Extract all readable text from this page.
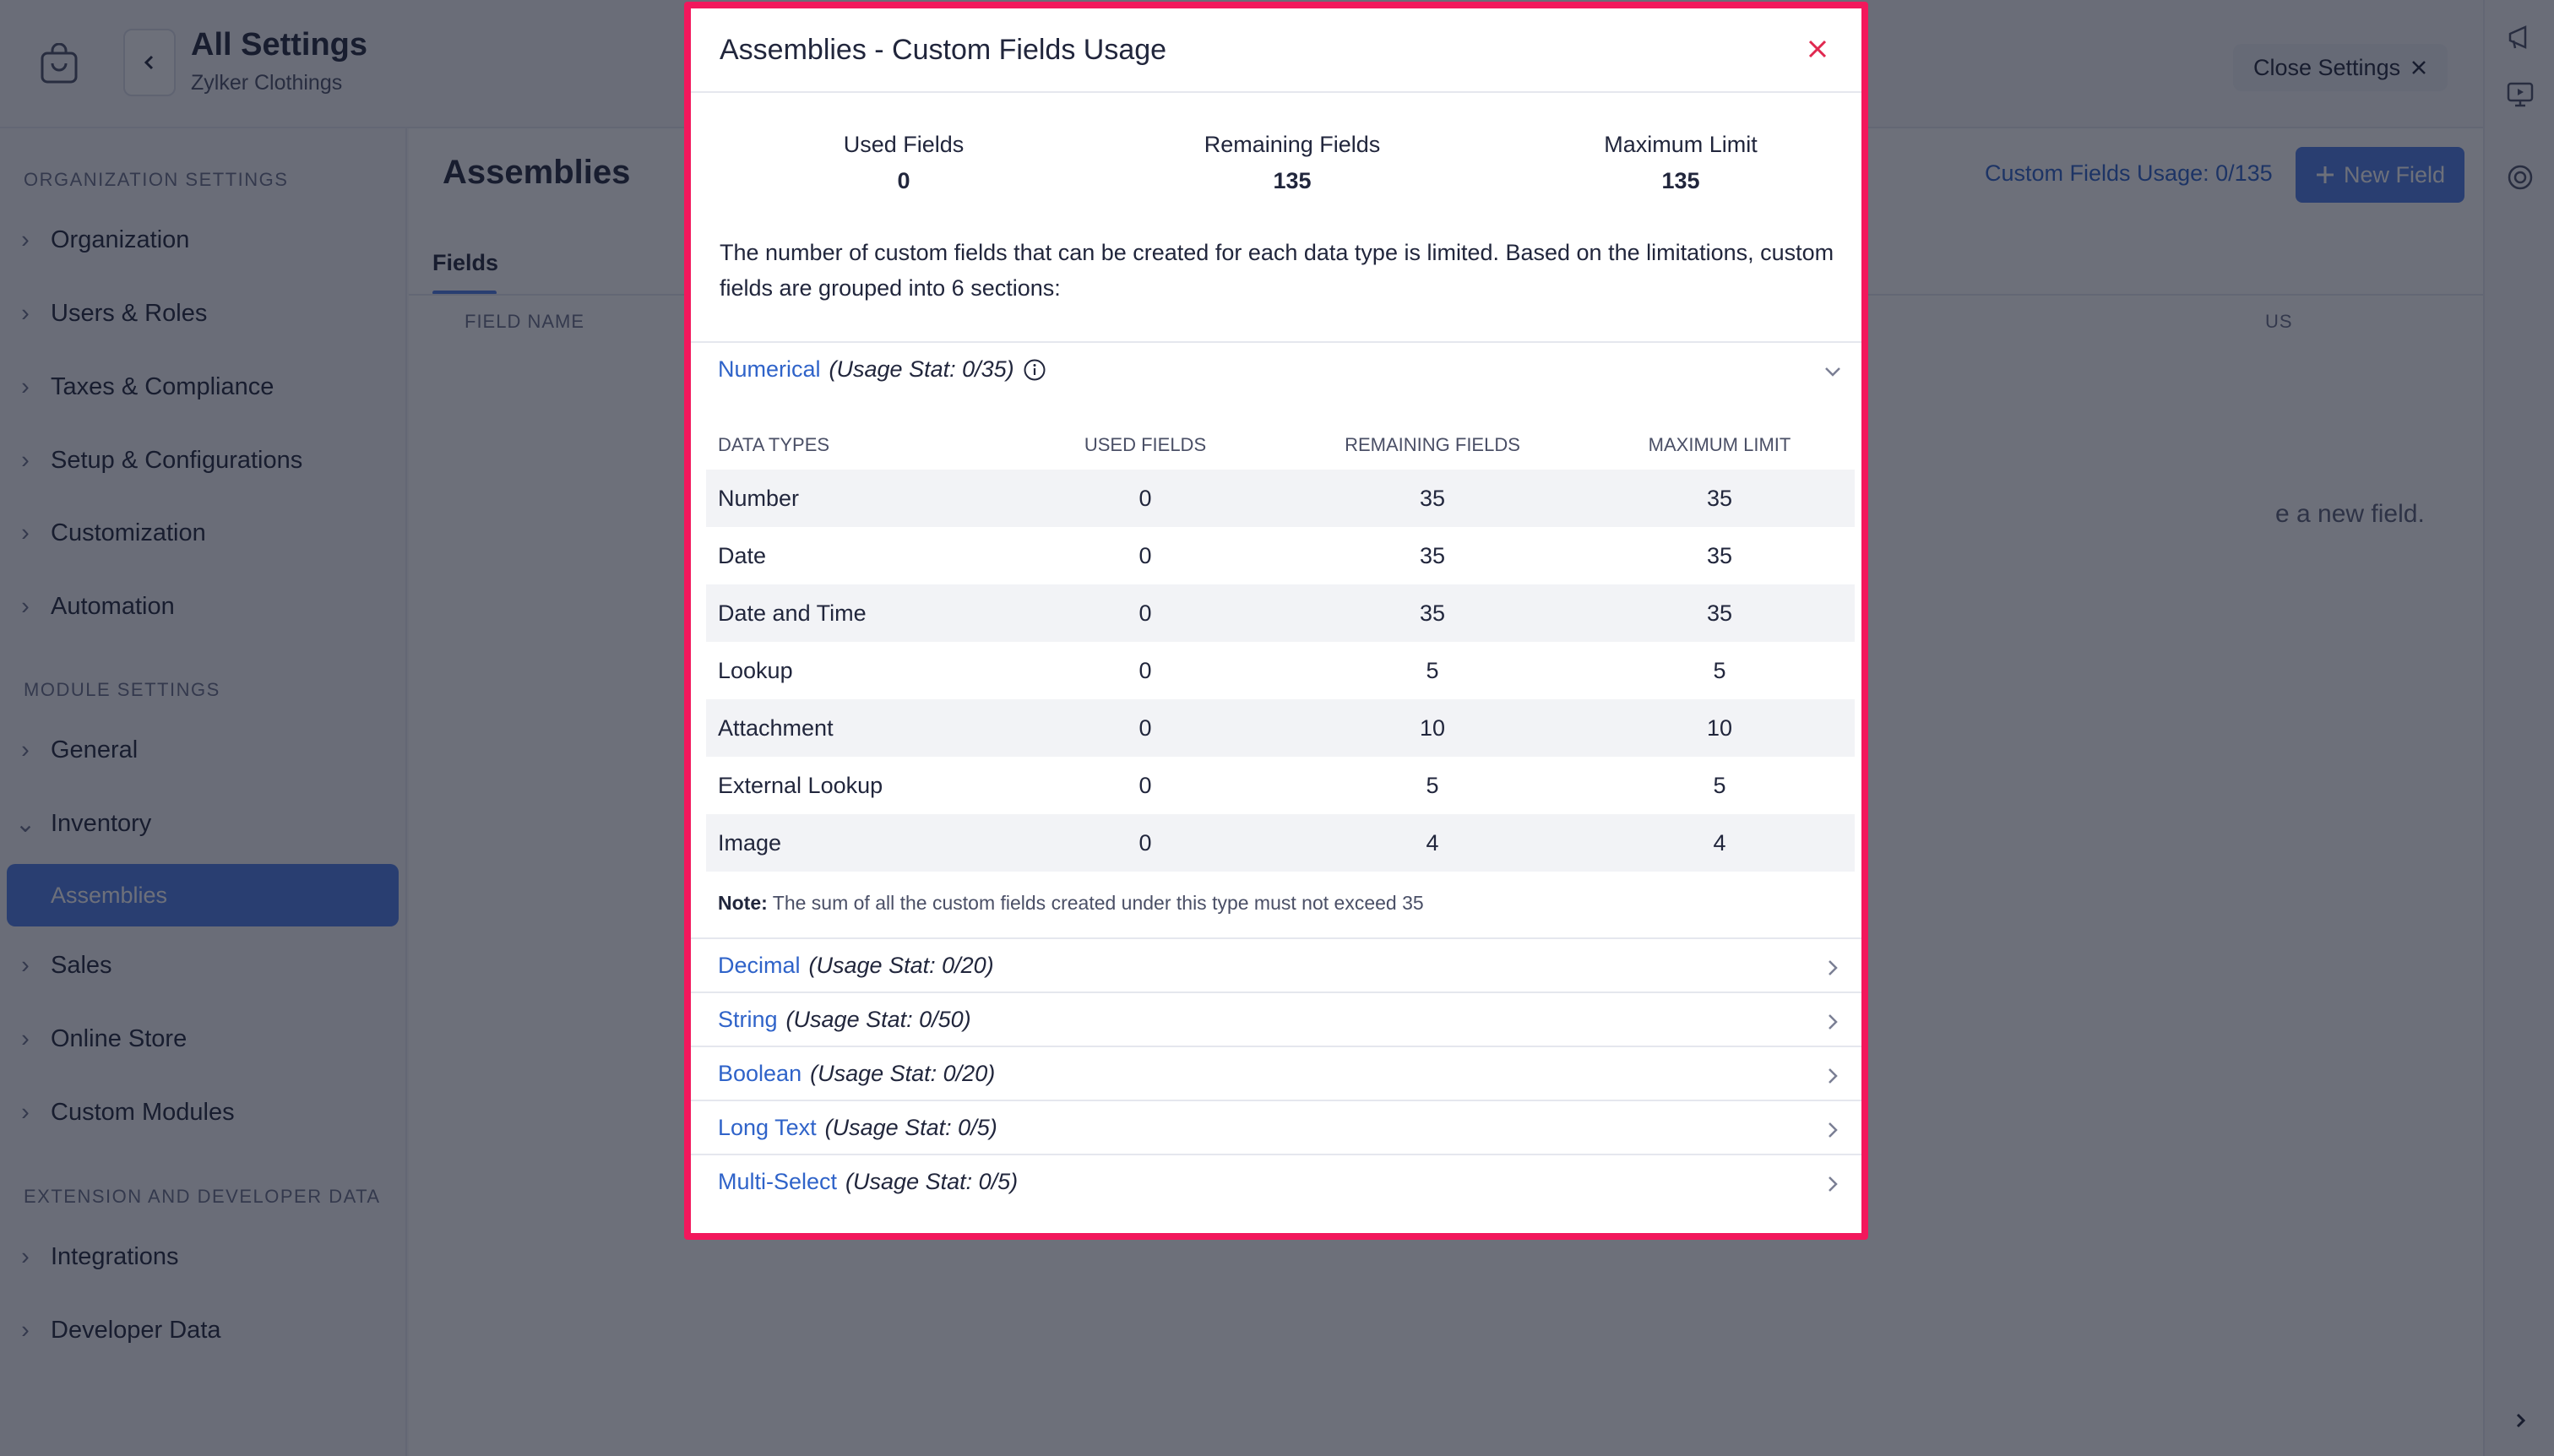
Assemblies - Custom Fields Usage
Used Fields
0
Remaining Fields
135
Maximum Limit
135
The number of custom fields that can be created for each data type is limited. Based on the limitations, custom fields are grouped into 6 sections:
Numerical (Usage Stat: 0/35)
DATA TYPES	USED FIELDS	REMAINING FIELDS	MAXIMUM LIMIT
Number	0	35	35
Date	0	35	35
Date and Time	0	35	35
Lookup	0	5	5
Attachment	0	10	10
External Lookup	0	5	5
Image	0	4	4
Note: The sum of all the custom fields created under this type must not exceed 35
Decimal (Usage Stat: 0/20)
String (Usage Stat: 0/50)
Boolean (Usage Stat: 0/20)
Long Text (Usage Stat: 0/5)
Multi-Select (Usage Stat: 0/5)
